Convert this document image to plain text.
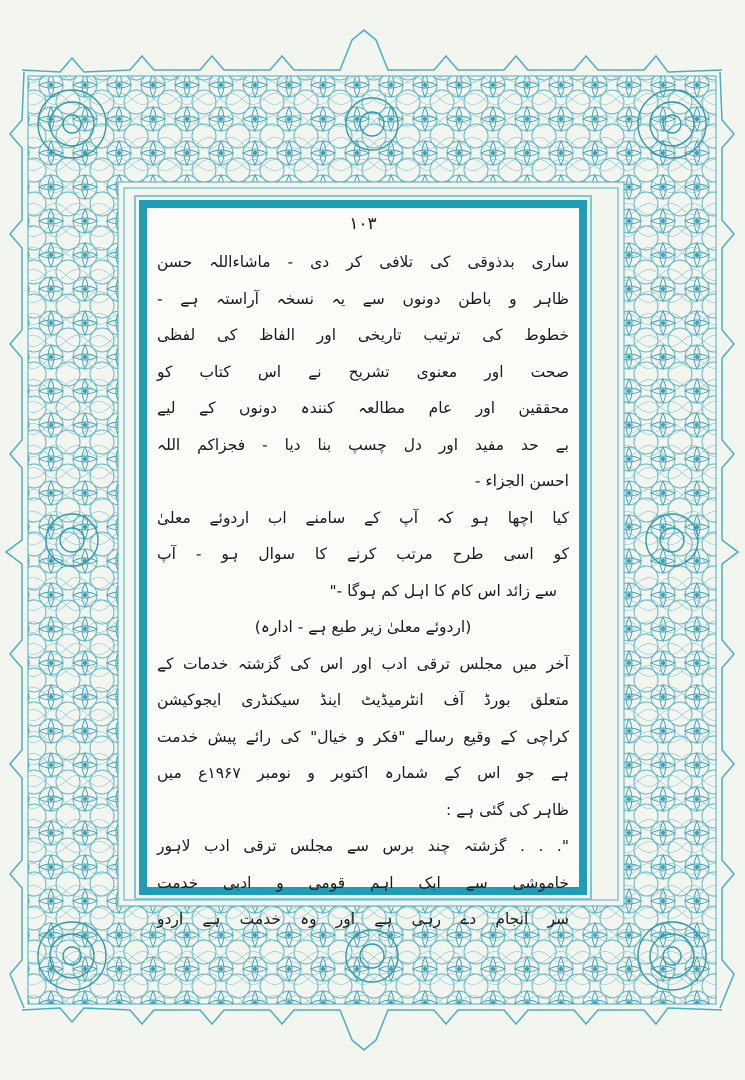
۱۰۳
ساری بدذوقی کی تلافی کر دی - ماشاءاللہ حسن
ظاہر و باطن دونوں سے یہ نسخہ آراستہ ہے -
خطوط کی ترتیب تاریخی اور الفاظ کی لفظی
صحت اور معنوی تشریح نے اس کتاب کو
محققین اور عام مطالعہ کنندہ دونوں کے لیے
بے حد مفید اور دل چسپ بنا دیا - فجزاکم اللہ
احسن الجزاء -
کیا اچھا ہو کہ آپ کے سامنے اب اردوئے معلیٰ
کو اسی طرح مرتب کرنے کا سوال ہو - آپ
سے زائد اس کام کا اہل کم ہوگا -"
(اردوئے معلیٰ زیر طبع ہے - ادارہ)
آخر میں مجلس ترقی ادب اور اس کی گزشتہ خدمات کے
متعلق بورڈ آف انٹرمیڈیٹ اینڈ سیکنڈری ایجوکیشن
کراچی کے وقیع رسالے "فکر و خیال" کی رائے پیش خدمت
ہے جو اس کے شمارہ اکتوبر و نومبر ۱۹۶۷ع میں
ظاہر کی گئی ہے :
". . . گزشتہ چند برس سے مجلس ترقی ادب لاہور
خاموشی سے ایک اہم قومی و ادبی خدمت
سر انجام دے رہی ہے اور وہ خدمت ہے اردو
